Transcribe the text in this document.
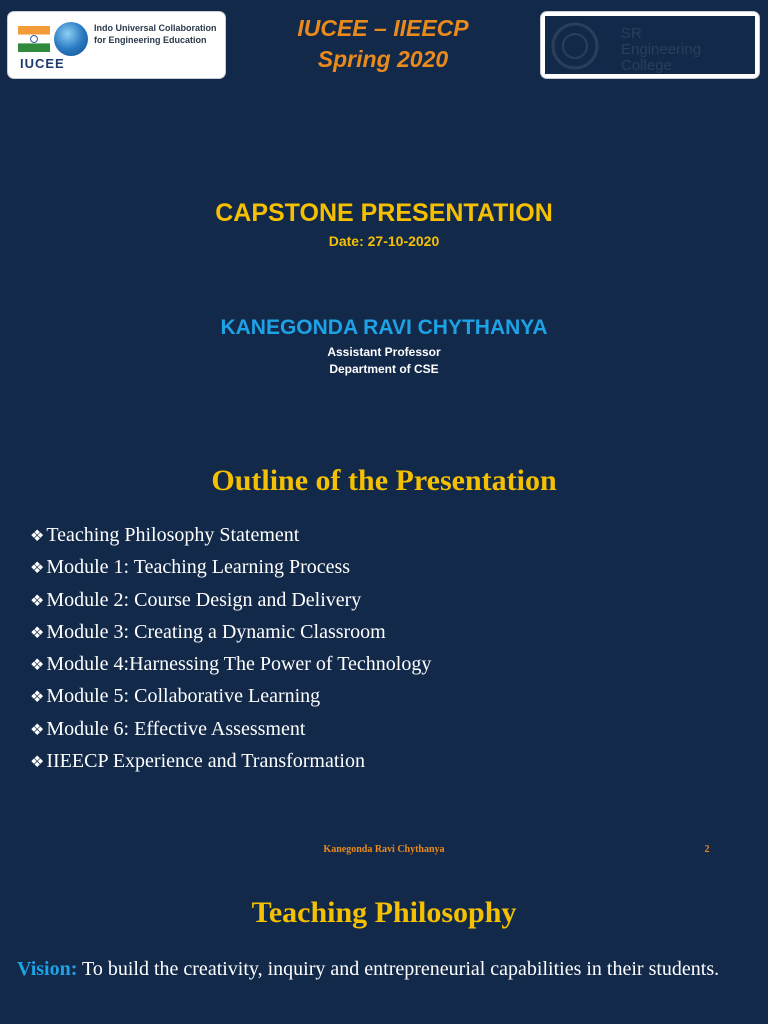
Indo Universal Collaboration for Engineering Education
IUCEE
IUCEE – IIEECP
Spring 2020
SR
Engineering
College
CAPSTONE PRESENTATION
Date: 27-10-2020
KANEGONDA RAVI CHYTHANYA
Assistant Professor
Department of CSE
Outline of the Presentation
❖ Teaching Philosophy Statement
❖ Module 1: Teaching Learning Process
❖ Module 2: Course Design and Delivery
❖ Module 3: Creating a Dynamic Classroom
❖ Module 4:Harnessing The Power of Technology
❖ Module 5: Collaborative Learning
❖ Module 6: Effective Assessment
❖ IIEECP Experience and Transformation
Kanegonda Ravi Chythanya	2
Teaching Philosophy
Vision: To build the creativity, inquiry and entrepreneurial capabilities in their students.
